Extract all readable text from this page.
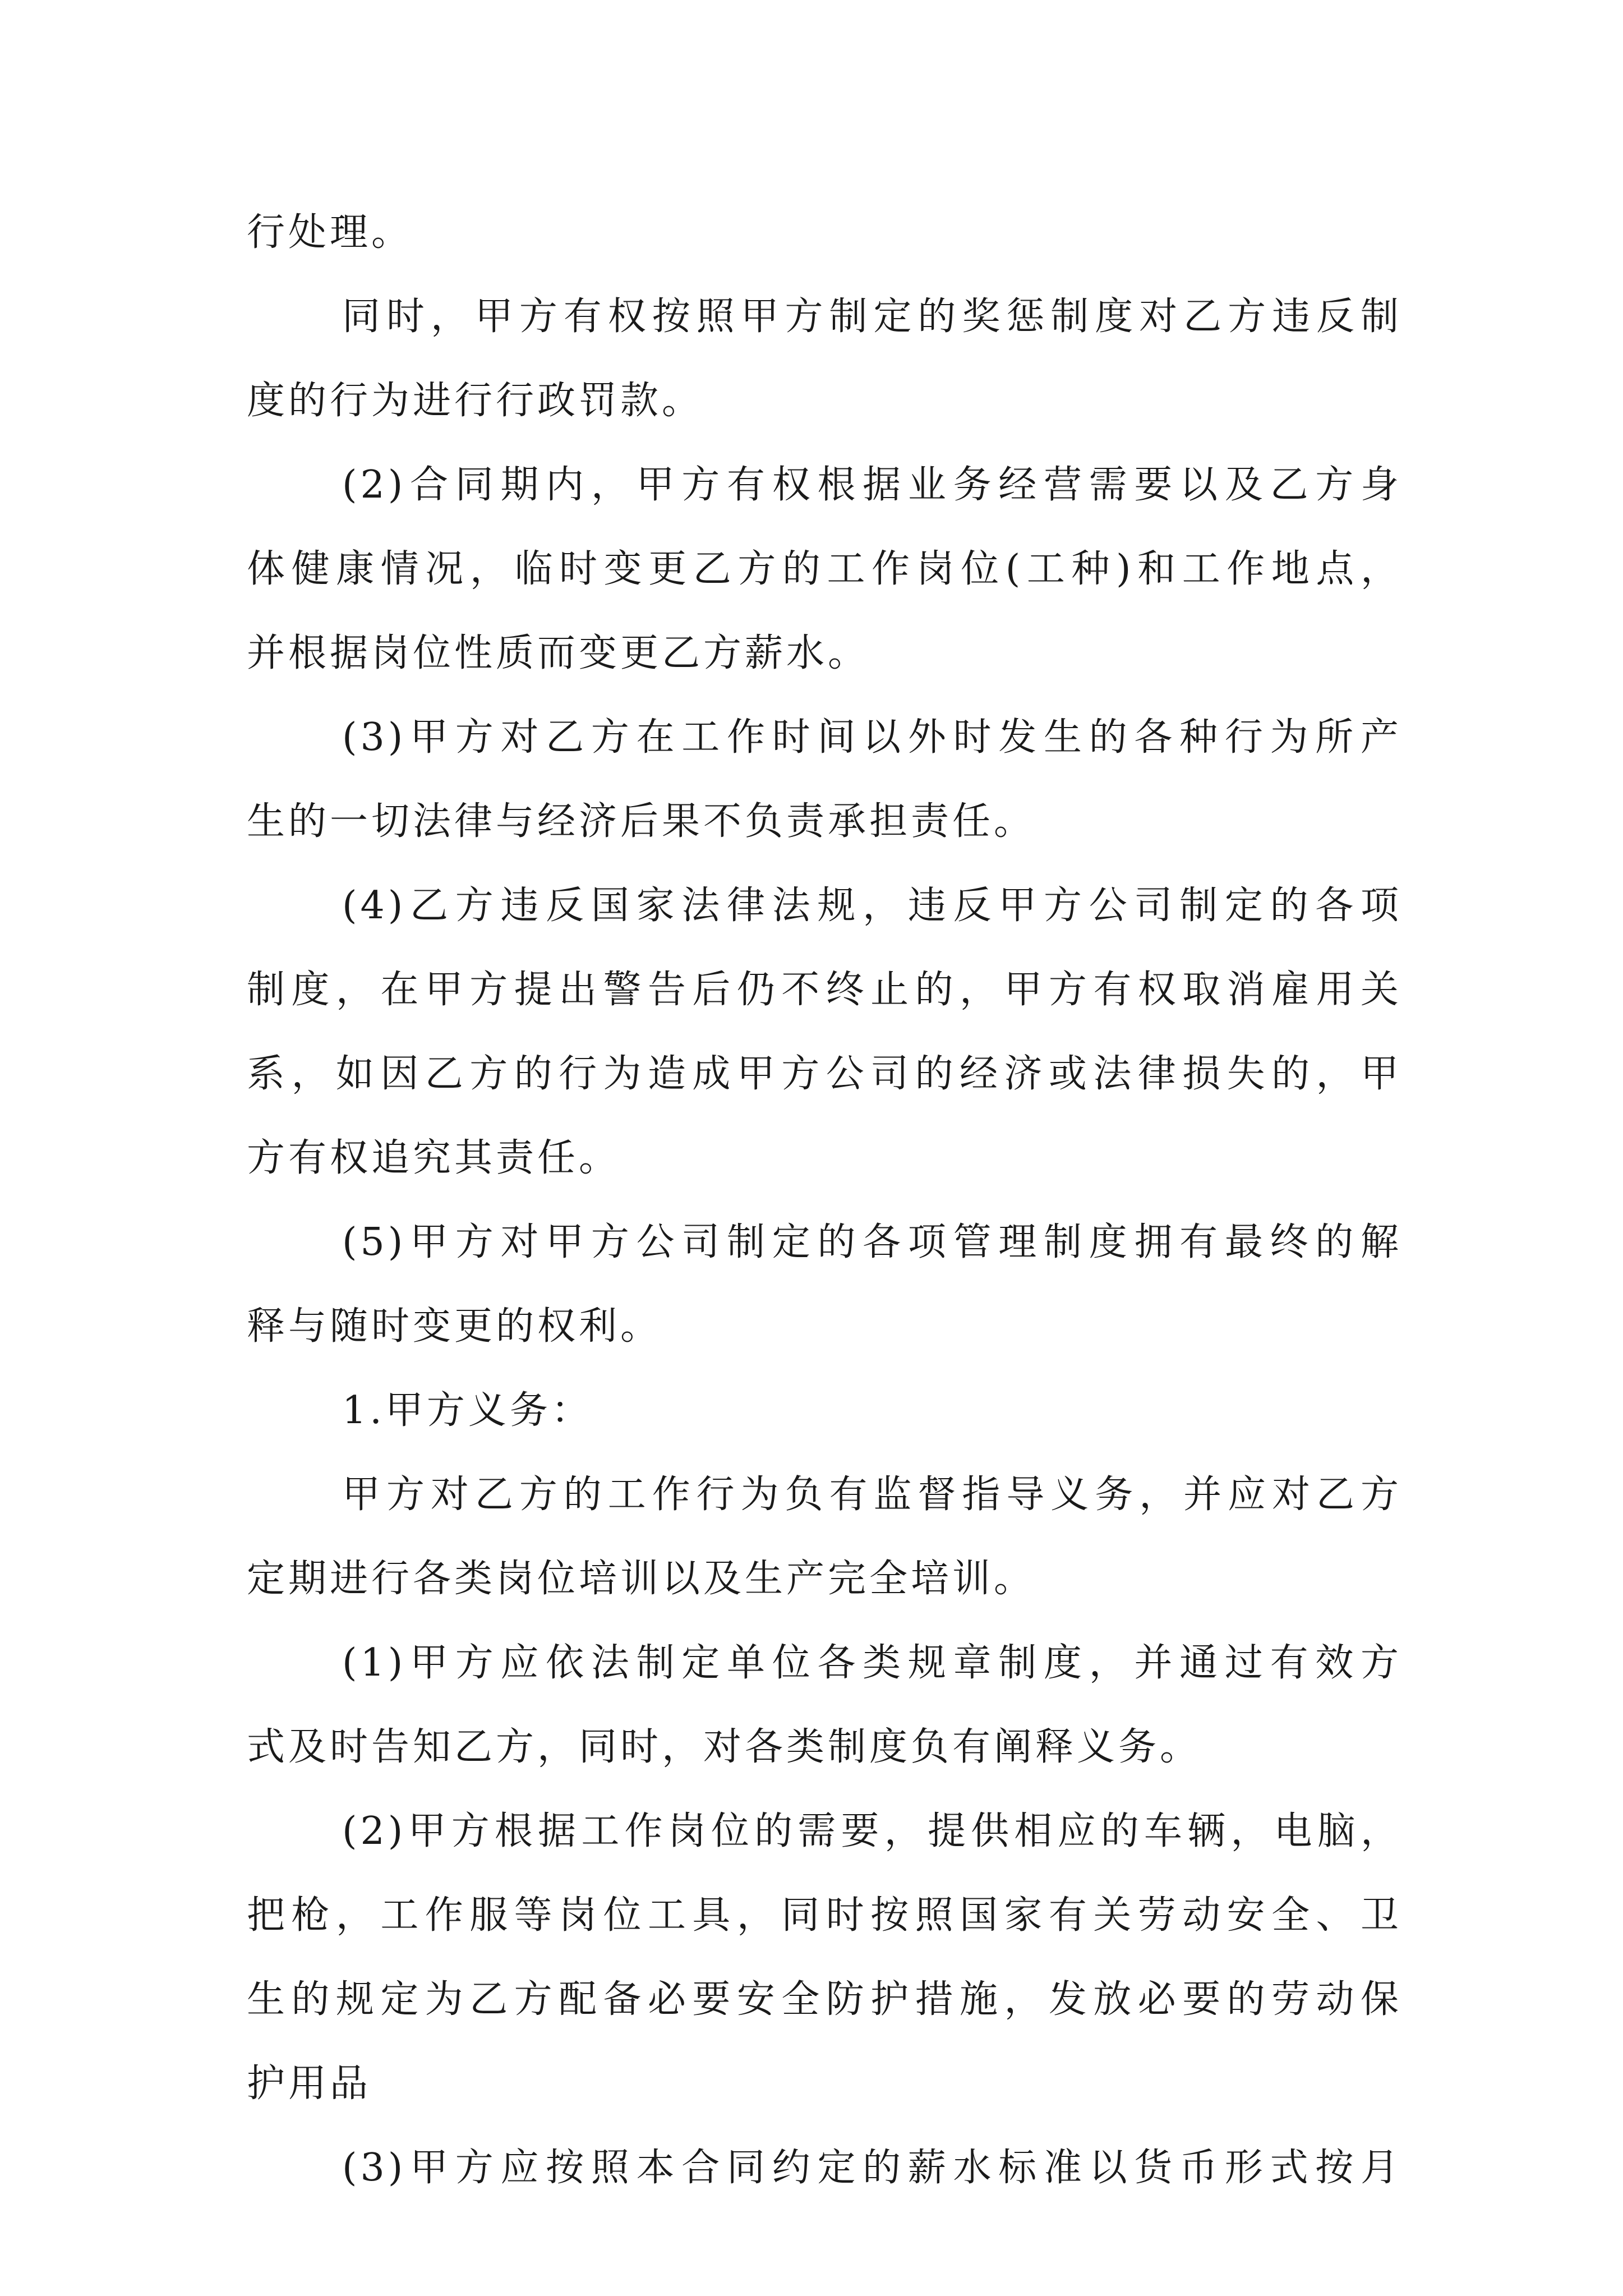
行处理。
同时，甲方有权按照甲方制定的奖惩制度对乙方违反制
度的行为进行行政罚款。
(2)合同期内，甲方有权根据业务经营需要以及乙方身
体健康情况，临时变更乙方的工作岗位(工种)和工作地点，
并根据岗位性质而变更乙方薪水。
(3)甲方对乙方在工作时间以外时发生的各种行为所产
生的一切法律与经济后果不负责承担责任。
(4)乙方违反国家法律法规，违反甲方公司制定的各项
制度，在甲方提出警告后仍不终止的，甲方有权取消雇用关
系，如因乙方的行为造成甲方公司的经济或法律损失的，甲
方有权追究其责任。
(5)甲方对甲方公司制定的各项管理制度拥有最终的解
释与随时变更的权利。
1.甲方义务：
甲方对乙方的工作行为负有监督指导义务，并应对乙方
定期进行各类岗位培训以及生产完全培训。
(1)甲方应依法制定单位各类规章制度，并通过有效方
式及时告知乙方，同时，对各类制度负有阐释义务。
(2)甲方根据工作岗位的需要，提供相应的车辆，电脑，
把枪，工作服等岗位工具，同时按照国家有关劳动安全、卫
生的规定为乙方配备必要安全防护措施，发放必要的劳动保
护用品
(3)甲方应按照本合同约定的薪水标准以货币形式按月
